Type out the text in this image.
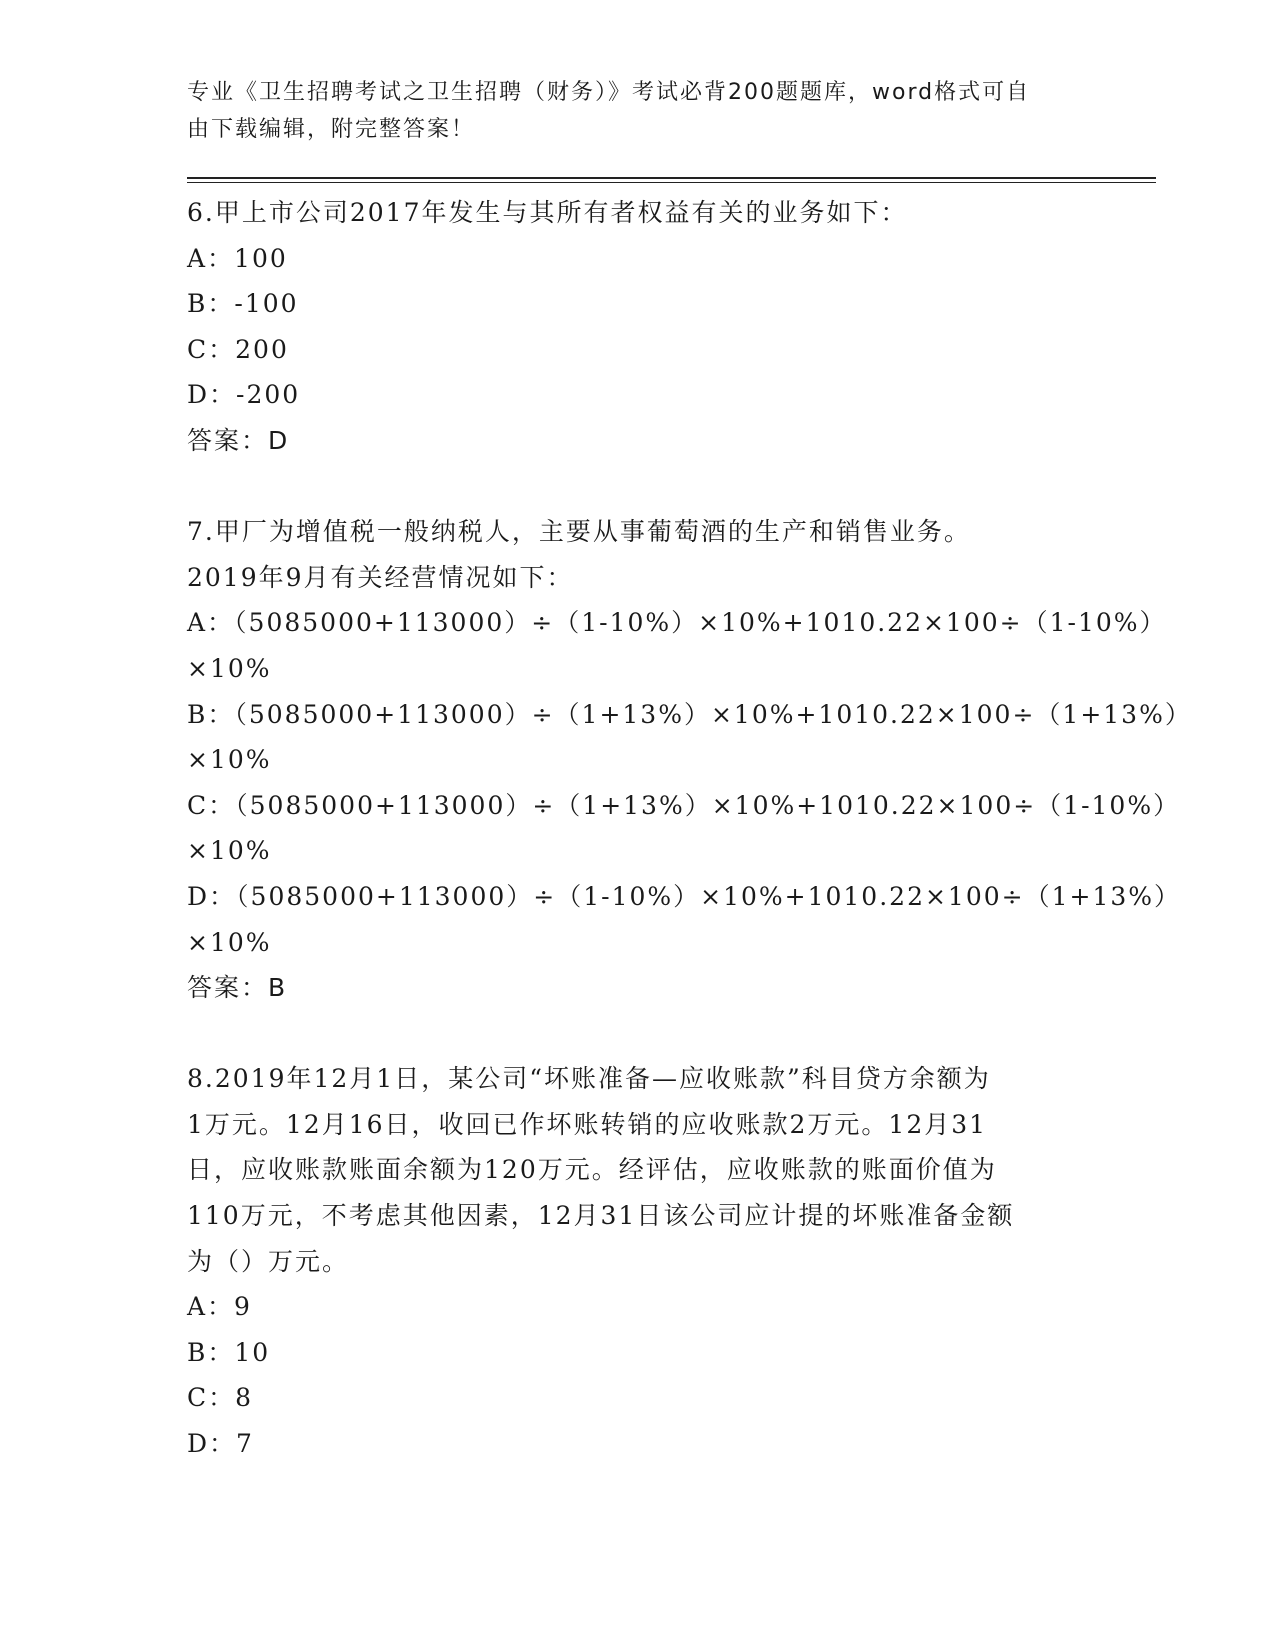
专业《卫生招聘考试之卫生招聘（财务）》考试必背200题题库，word格式可自
由下载编辑，附完整答案！
6.甲上市公司2017年发生与其所有者权益有关的业务如下：
A：100
B：-100
C：200
D：-200
答案：D
7.甲厂为增值税一般纳税人，主要从事葡萄酒的生产和销售业务。
2019年9月有关经营情况如下：
A：（5085000+113000）÷（1-10%）×10%+1010.22×100÷（1-10%）
×10%
B：（5085000+113000）÷（1+13%）×10%+1010.22×100÷（1+13%）
×10%
C：（5085000+113000）÷（1+13%）×10%+1010.22×100÷（1-10%）
×10%
D：（5085000+113000）÷（1-10%）×10%+1010.22×100÷（1+13%）
×10%
答案：B
8.2019年12月1日，某公司“坏账准备—应收账款”科目贷方余额为
1万元。12月16日，收回已作坏账转销的应收账款2万元。12月31
日，应收账款账面余额为120万元。经评估，应收账款的账面价值为
110万元，不考虑其他因素，12月31日该公司应计提的坏账准备金额
为（）万元。
A：9
B：10
C：8
D：7
